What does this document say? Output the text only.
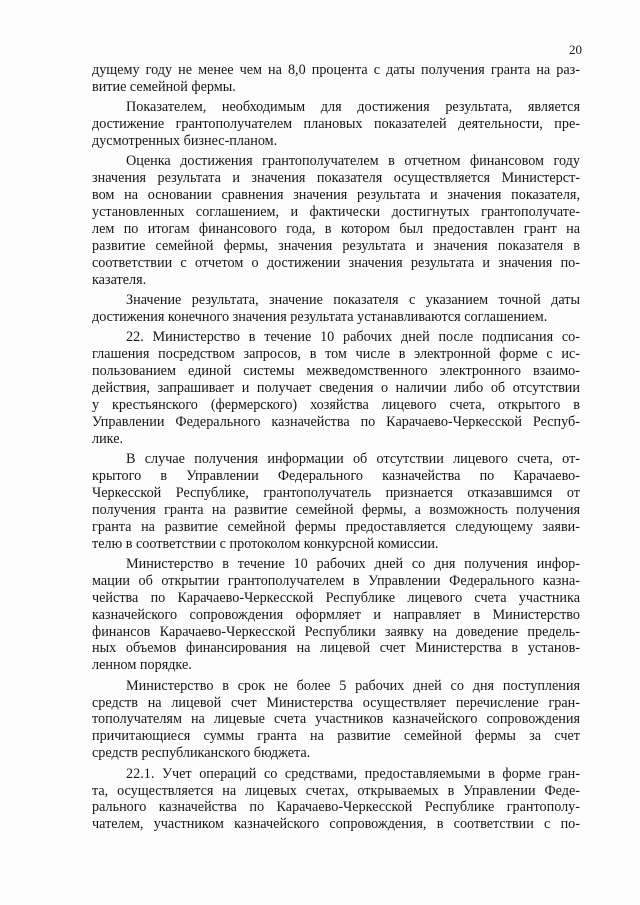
20
дущему году не менее чем на 8,0 процента с даты получения гранта на раз-
витие семейной фермы.
Показателем, необходимым для достижения результата, является
достижение грантополучателем плановых показателей деятельности, пре-
дусмотренных бизнес-планом.
Оценка достижения грантополучателем в отчетном финансовом году
значения результата и значения показателя осуществляется Министерст-
вом на основании сравнения значения результата и значения показателя,
установленных соглашением, и фактически достигнутых грантополучате-
лем по итогам финансового года, в котором был предоставлен грант на
развитие семейной фермы, значения результата и значения показателя в
соответствии с отчетом о достижении значения результата и значения по-
казателя.
Значение результата, значение показателя с указанием точной даты
достижения конечного значения результата устанавливаются соглашением.
22. Министерство в течение 10 рабочих дней после подписания со-
глашения посредством запросов, в том числе в электронной форме с ис-
пользованием единой системы межведомственного электронного взаимо-
действия, запрашивает и получает сведения о наличии либо об отсутствии
у крестьянского (фермерского) хозяйства лицевого счета, открытого в
Управлении Федерального казначейства по Карачаево-Черкесской Респуб-
лике.
В случае получения информации об отсутствии лицевого счета, от-
крытого в Управлении Федерального казначейства по Карачаево-
Черкесской Республике, грантополучатель признается отказавшимся от
получения гранта на развитие семейной фермы, а возможность получения
гранта на развитие семейной фермы предоставляется следующему заяви-
телю в соответствии с протоколом конкурсной комиссии.
Министерство в течение 10 рабочих дней со дня получения инфор-
мации об открытии грантополучателем в Управлении Федерального казна-
чейства по Карачаево-Черкесской Республике лицевого счета участника
казначейского сопровождения оформляет и направляет в Министерство
финансов Карачаево-Черкесской Республики заявку на доведение предель-
ных объемов финансирования на лицевой счет Министерства в установ-
ленном порядке.
Министерство в срок не более 5 рабочих дней со дня поступления
средств на лицевой счет Министерства осуществляет перечисление гран-
тополучателям на лицевые счета участников казначейского сопровождения
причитающиеся суммы гранта на развитие семейной фермы за счет
средств республиканского бюджета.
22.1. Учет операций со средствами, предоставляемыми в форме гран-
та, осуществляется на лицевых счетах, открываемых в Управлении Феде-
рального казначейства по Карачаево-Черкесской Республике грантополу-
чателем, участником казначейского сопровождения, в соответствии с по-
